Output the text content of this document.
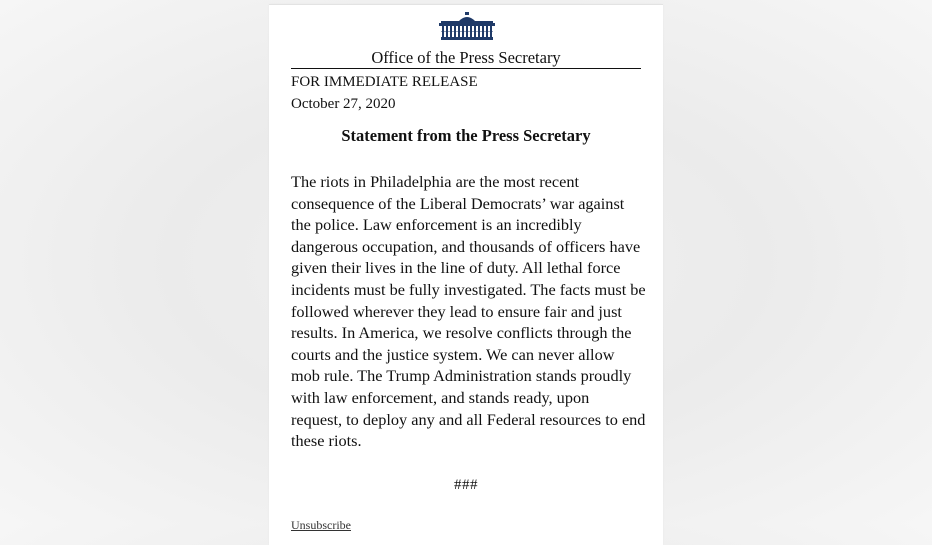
Office of the Press Secretary
FOR IMMEDIATE RELEASE
October 27, 2020
Statement from the Press Secretary
The riots in Philadelphia are the most recent
consequence of the Liberal Democrats’ war against
the police. Law enforcement is an incredibly
dangerous occupation, and thousands of officers have
given their lives in the line of duty. All lethal force
incidents must be fully investigated. The facts must be
followed wherever they lead to ensure fair and just
results. In America, we resolve conflicts through the
courts and the justice system. We can never allow
mob rule. The Trump Administration stands proudly
with law enforcement, and stands ready, upon
request, to deploy any and all Federal resources to end
these riots.
###
Unsubscribe
